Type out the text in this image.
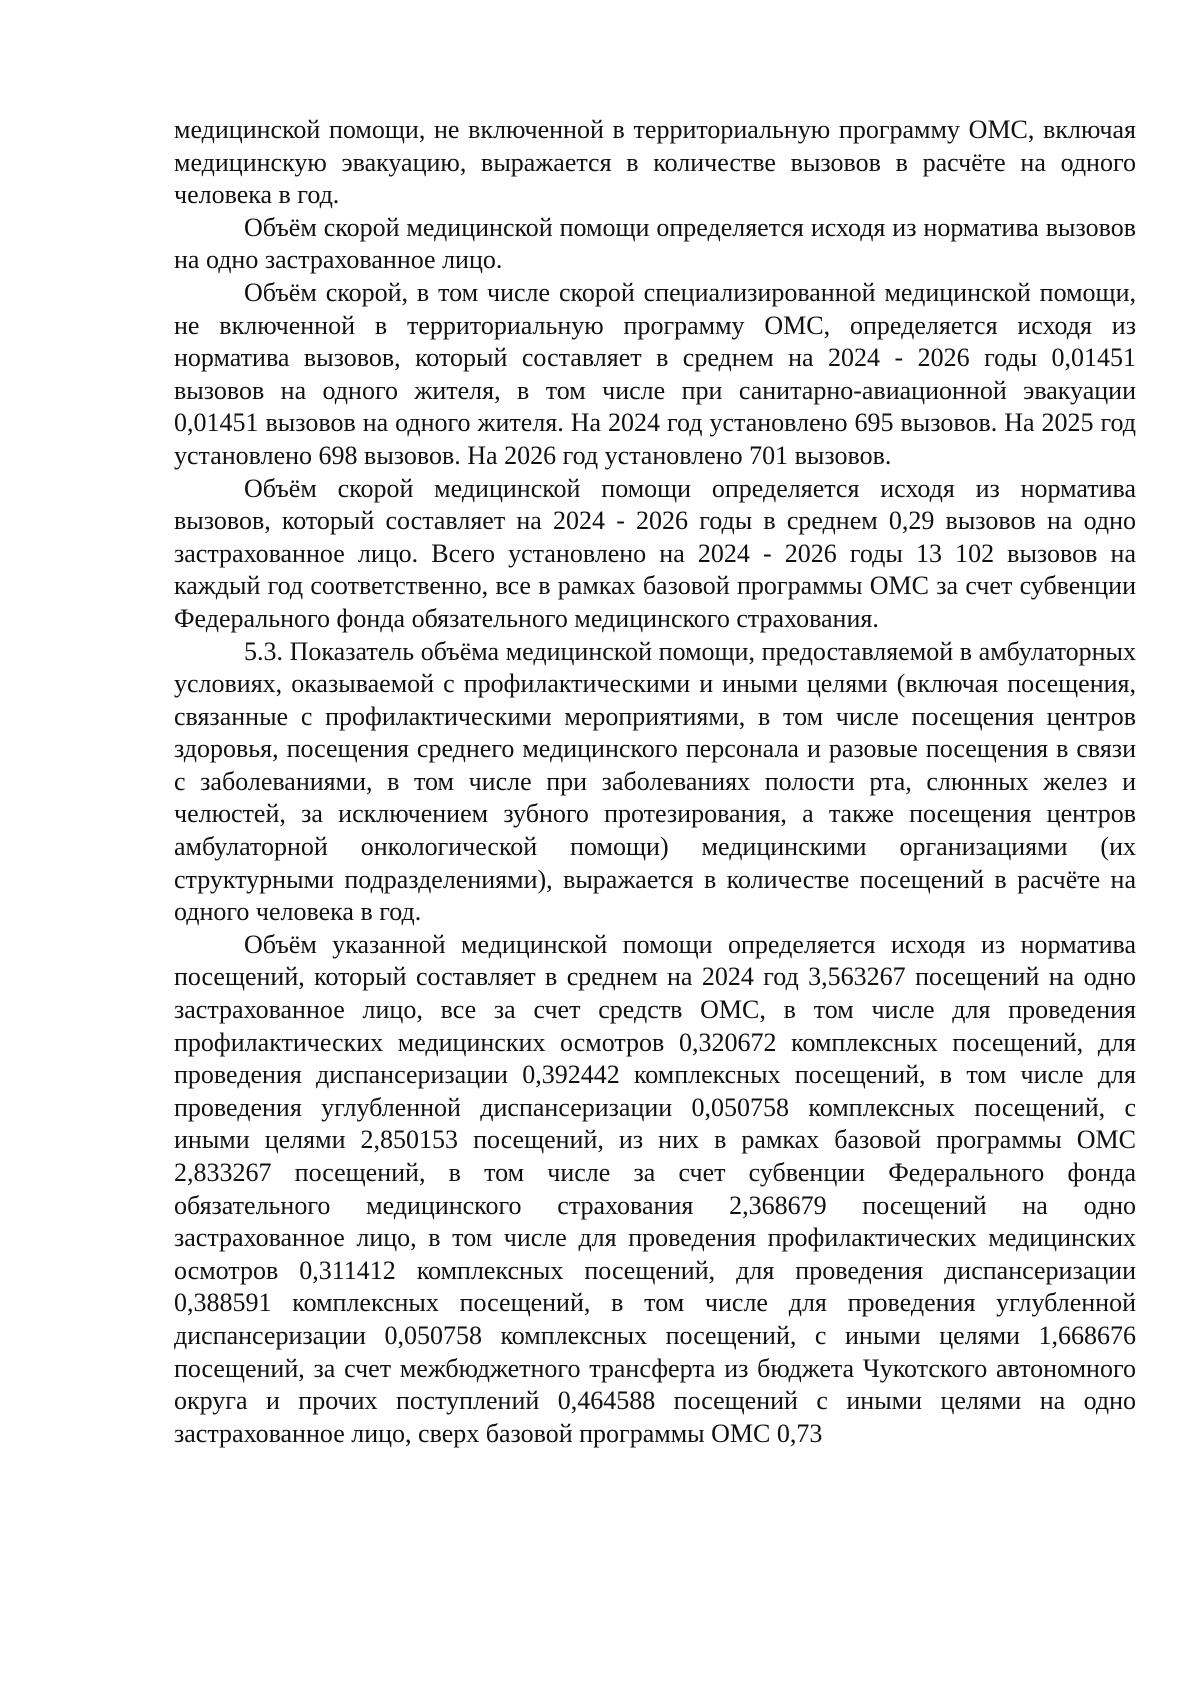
медицинской помощи, не включенной в территориальную программу ОМС, включая медицинскую эвакуацию, выражается в количестве вызовов в расчёте на одного человека в год.

Объём скорой медицинской помощи определяется исходя из норматива вызовов на одно застрахованное лицо.

Объём скорой, в том числе скорой специализированной медицинской помощи, не включенной в территориальную программу ОМС, определяется исходя из норматива вызовов, который составляет в среднем на 2024 - 2026 годы 0,01451 вызовов на одного жителя, в том числе при санитарно-авиационной эвакуации 0,01451 вызовов на одного жителя. На 2024 год установлено 695 вызовов. На 2025 год установлено 698 вызовов. На 2026 год установлено 701 вызовов.

Объём скорой медицинской помощи определяется исходя из норматива вызовов, который составляет на 2024 - 2026 годы в среднем 0,29 вызовов на одно застрахованное лицо. Всего установлено на 2024 - 2026 годы 13 102 вызовов на каждый год соответственно, все в рамках базовой программы ОМС за счет субвенции Федерального фонда обязательного медицинского страхования.

5.3. Показатель объёма медицинской помощи, предоставляемой в амбулаторных условиях, оказываемой с профилактическими и иными целями (включая посещения, связанные с профилактическими мероприятиями, в том числе посещения центров здоровья, посещения среднего медицинского персонала и разовые посещения в связи с заболеваниями, в том числе при заболеваниях полости рта, слюнных желез и челюстей, за исключением зубного протезирования, а также посещения центров амбулаторной онкологической помощи) медицинскими организациями (их структурными подразделениями), выражается в количестве посещений в расчёте на одного человека в год.

Объём указанной медицинской помощи определяется исходя из норматива посещений, который составляет в среднем на 2024 год 3,563267 посещений на одно застрахованное лицо, все за счет средств ОМС, в том числе для проведения профилактических медицинских осмотров 0,320672 комплексных посещений, для проведения диспансеризации 0,392442 комплексных посещений, в том числе для проведения углубленной диспансеризации 0,050758 комплексных посещений, с иными целями 2,850153 посещений, из них в рамках базовой программы ОМС 2,833267 посещений, в том числе за счет субвенции Федерального фонда обязательного медицинского страхования 2,368679 посещений на одно застрахованное лицо, в том числе для проведения профилактических медицинских осмотров 0,311412 комплексных посещений, для проведения диспансеризации 0,388591 комплексных посещений, в том числе для проведения углубленной диспансеризации 0,050758 комплексных посещений, с иными целями 1,668676 посещений, за счет межбюджетного трансферта из бюджета Чукотского автономного округа и прочих поступлений 0,464588 посещений с иными целями на одно застрахованное лицо, сверх базовой программы ОМС 0,73
